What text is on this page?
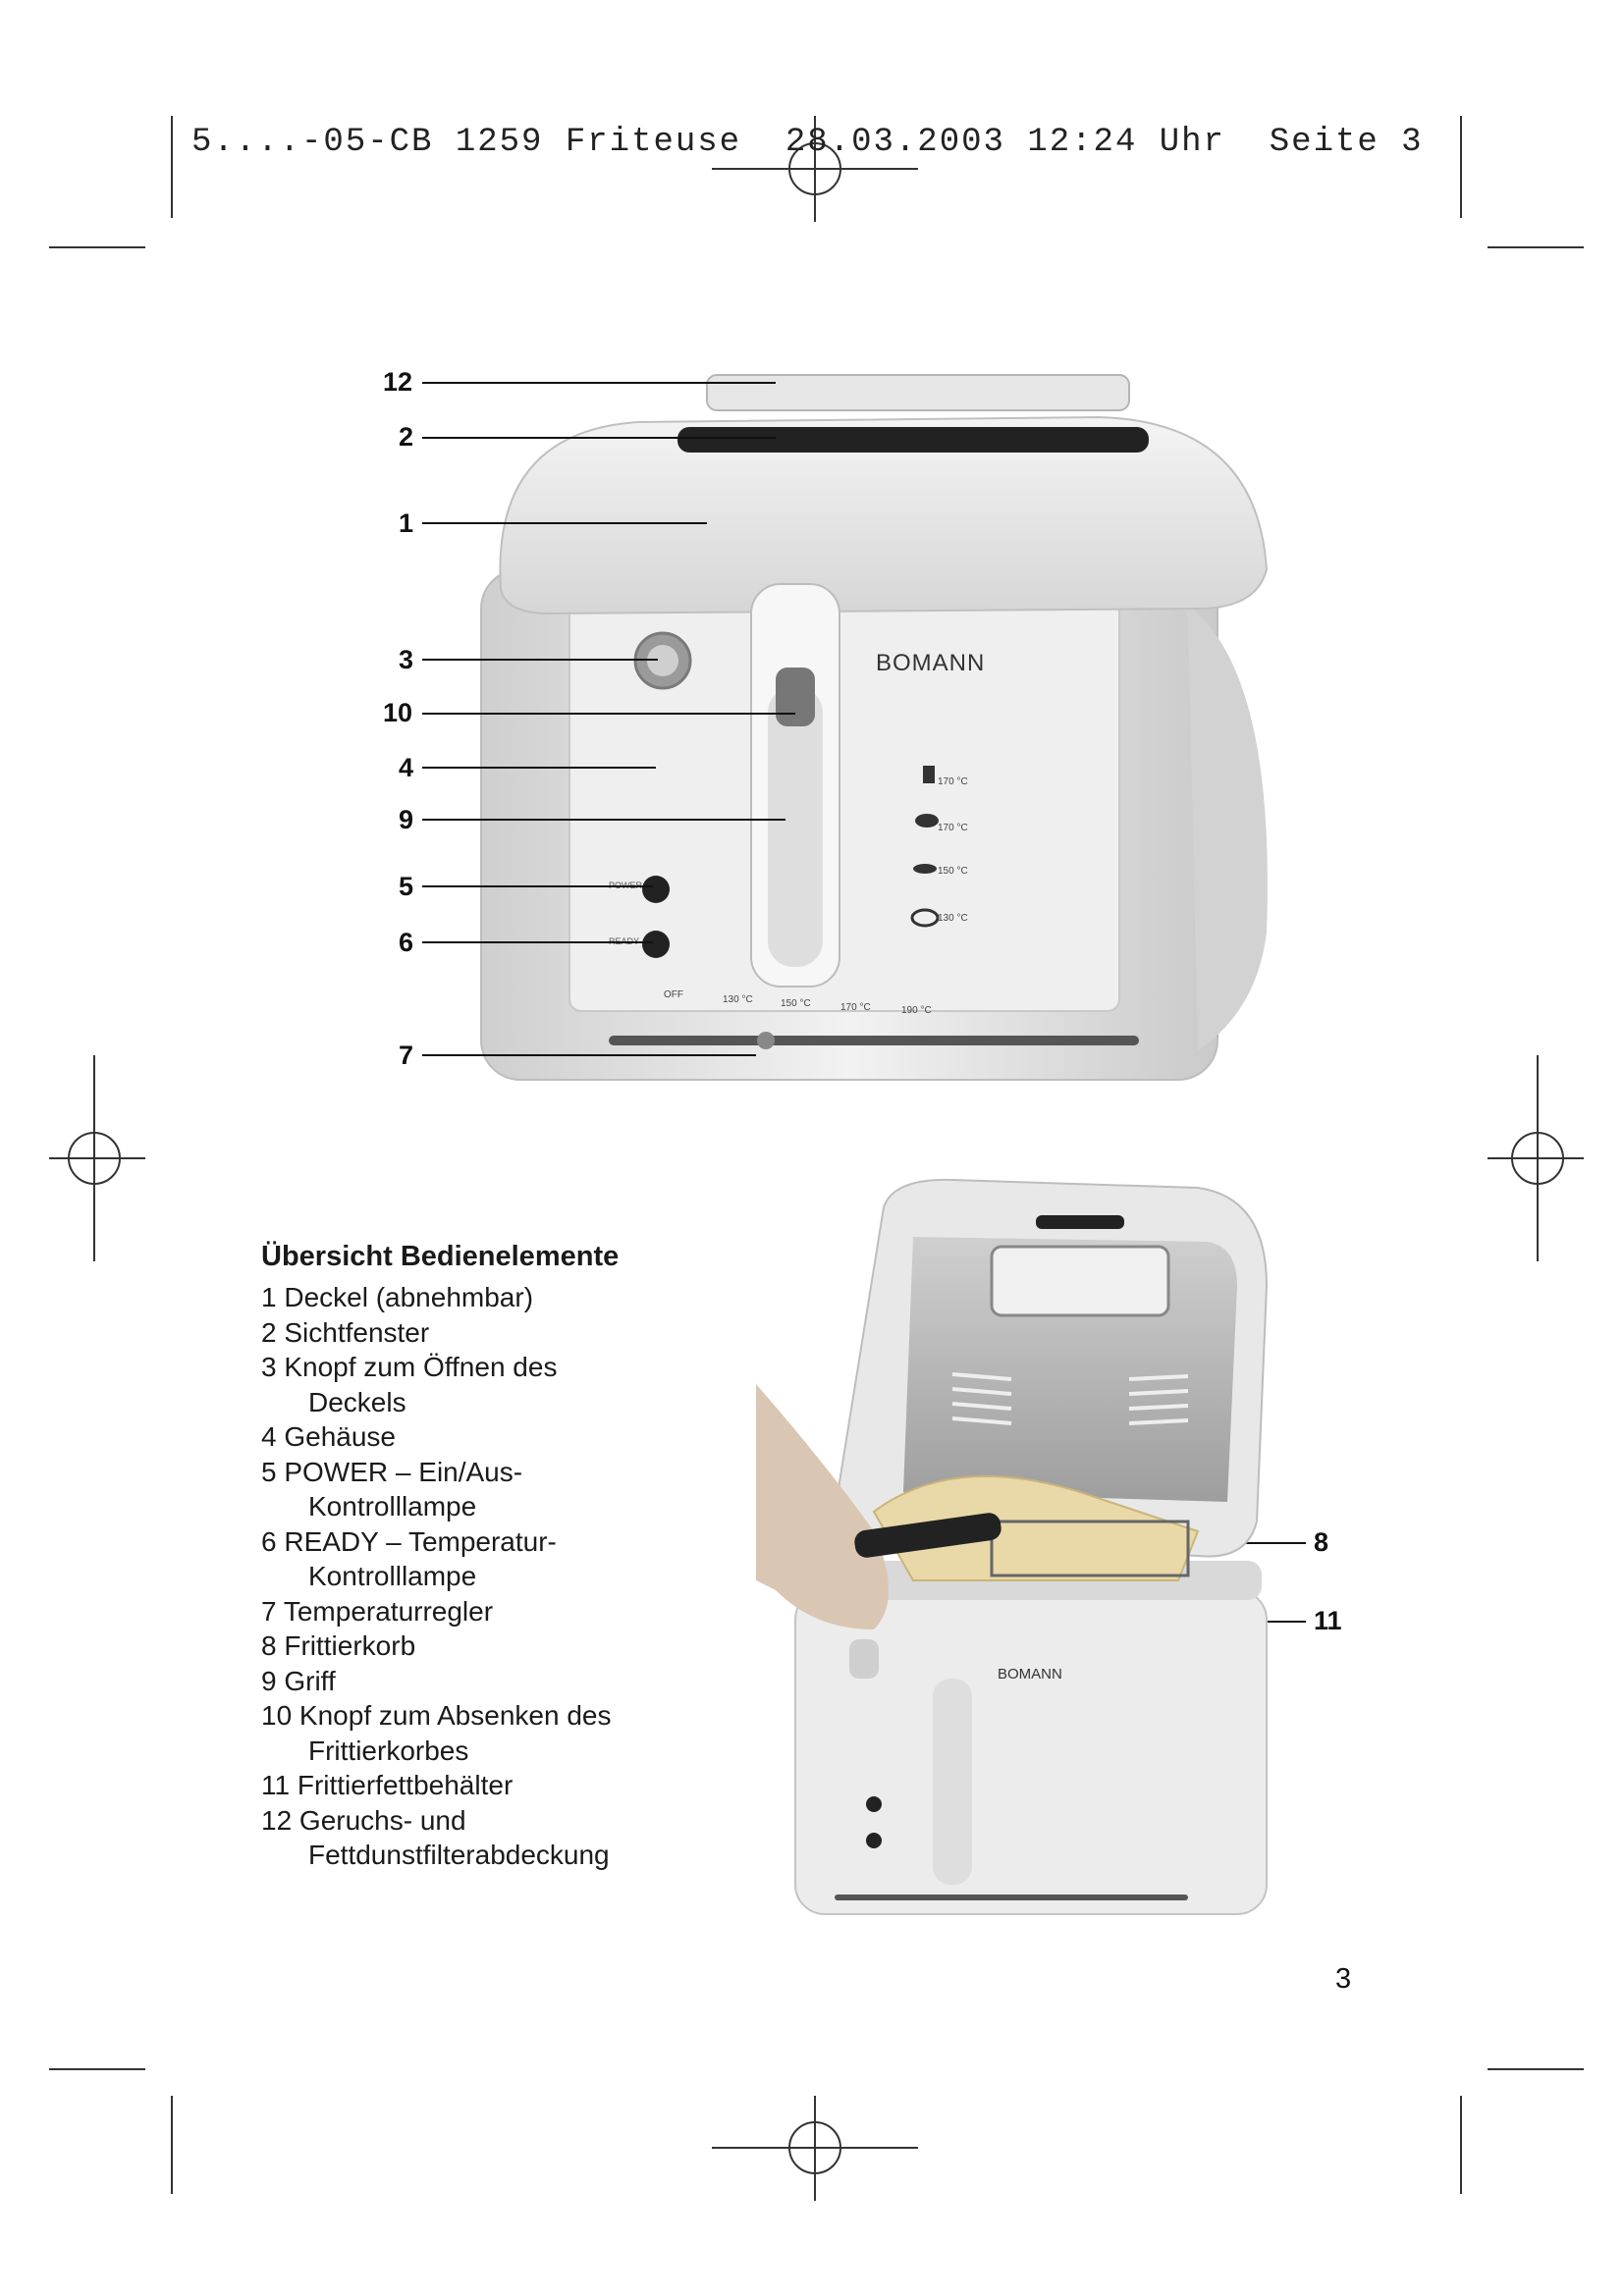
5....-05-CB 1259 Friteuse  28.03.2003 12:24 Uhr  Seite 3
BOMANN
POWER
READY
170 °C
170 °C
150 °C
130 °C
OFF	130 °C	150 °C	170 °C	190 °C
12
2
1
3
10
4
9
5
6
7
BOMANN
8
11
Übersicht Bedienelemente
1 Deckel (abnehmbar)
2 Sichtfenster
3 Knopf zum Öffnen des
Deckels
4 Gehäuse
5 POWER – Ein/Aus-
Kontrolllampe
6 READY – Temperatur-
Kontrolllampe
7 Temperaturregler
8 Frittierkorb
9 Griff
10 Knopf zum Absenken des
Frittierkorbes
11 Frittierfettbehälter
12 Geruchs- und
Fettdunstfilterabdeckung
3
